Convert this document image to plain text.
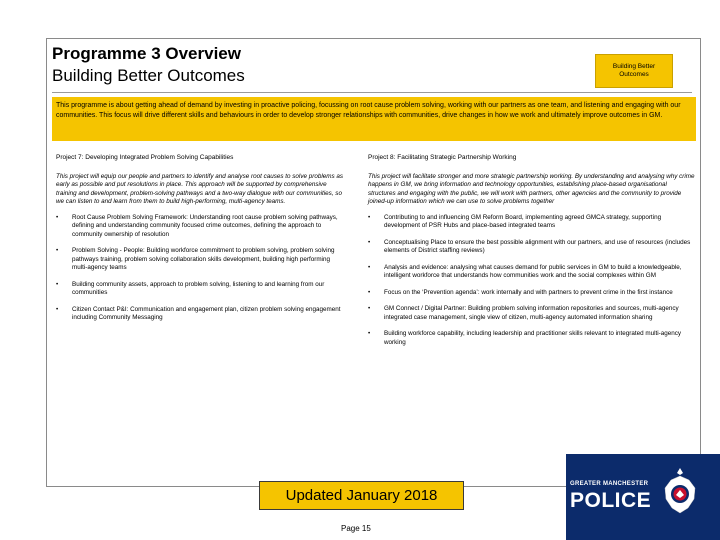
Programme 3 Overview
Building Better Outcomes	Building Better Outcomes
This programme is about getting ahead of demand by investing in proactive policing, focussing on root cause problem solving, working with our partners as one team, and listening and engaging with our communities. This focus will drive different skills and behaviours in order to develop stronger relationships with communities, drive changes in how we work and ultimately improve outcomes in GM.
Project 7: Developing Integrated Problem Solving Capabilities

This project will equip our people and partners to identify and analyse root causes to solve problems as early as possible and put resolutions in place. This approach will be supported by comprehensive training and development, problem-solving pathways and a two-way dialogue with our communities, so we can listen to and learn from them to build high-performing, multi-agency teams.

•	Root Cause Problem Solving Framework: Understanding root cause problem solving pathways, defining and understanding community focused crime outcomes, defining the approach to community ownership of resolution
•	Problem Solving - People: Building workforce commitment to problem solving, problem solving pathways training, problem solving collaboration skills development, building high performing multi-agency teams
•	Building community assets, approach to problem solving, listening to and learning from our communities
•	Citizen Contact P&I: Communication and engagement plan, citizen problem solving engagement including Community Messaging
Project 8: Facilitating Strategic Partnership Working

This project will facilitate stronger and more strategic partnership working. By understanding and analysing why crime happens in GM, we bring information and technology opportunities, establishing place-based organisational structures and engaging with the public, we will work with partners, other agencies and the community to provide joined-up information which we can use to solve problems together

•	Contributing to and influencing GM Reform Board, implementing agreed GMCA strategy, supporting development of PSR Hubs and place-based integrated teams
•	Conceptualising Place to ensure the best possible alignment with our partners, and use of resources (includes elements of District staffing reviews)
•	Analysis and evidence: analysing what causes demand for public services in GM to build a knowledgeable, intelligent workforce that understands how communities work and the social complexes within GM
•	Focus on the ‘Prevention agenda’: work internally and with partners to prevent crime in the first instance
•	GM Connect / Digital Partner: Building problem solving information repositories and sources, multi-agency integrated case management, single view of citizen, multi-agency automated information sharing
•	Building workforce capability, including leadership and practitioner skills relevant to integrated multi-agency working
Updated January 2018
Page 15
GREATER MANCHESTER
POLICE
